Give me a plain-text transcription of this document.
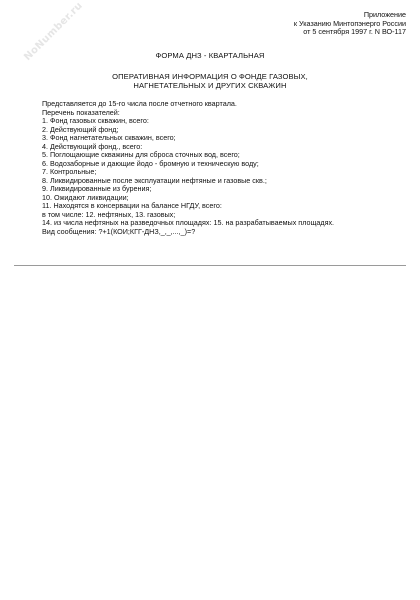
NoNumber.ru	Приложение
к Указанию Минтопэнерго России
от 5 сентября 1997 г. N ВО-117
ФОРМА ДНЗ - КВАРТАЛЬНАЯ
ОПЕРАТИВНАЯ ИНФОРМАЦИЯ О ФОНДЕ ГАЗОВЫХ,
НАГНЕТАТЕЛЬНЫХ И ДРУГИХ СКВАЖИН
Представляется до 15-го числа после отчетного квартала.
Перечень показателей:
1. Фонд газовых скважин, всего:
2. Действующий фонд;
3. Фонд нагнетательных скважин, всего;
4. Действующий фонд., всего:
5. Поглощающие скважины для сброса сточных вод, всего;
6. Водозаборные и дающие йодо - бромную и техническую воду;
7. Контрольные;
8. Ликвидированные после эксплуатации нефтяные и газовые скв.;
9. Ликвидированные из бурения;
10. Ожидают ликвидации;
11. Находятся в консервации на балансе НГДУ, всего:
в том числе: 12. нефтяных, 13. газовых;
14. из числа нефтяных на разведочных площадях: 15. на разрабатываемых площадях.
Вид сообщения: ?+1(КОИ;КГГ-ДНЗ,_,_,...,_)=?
